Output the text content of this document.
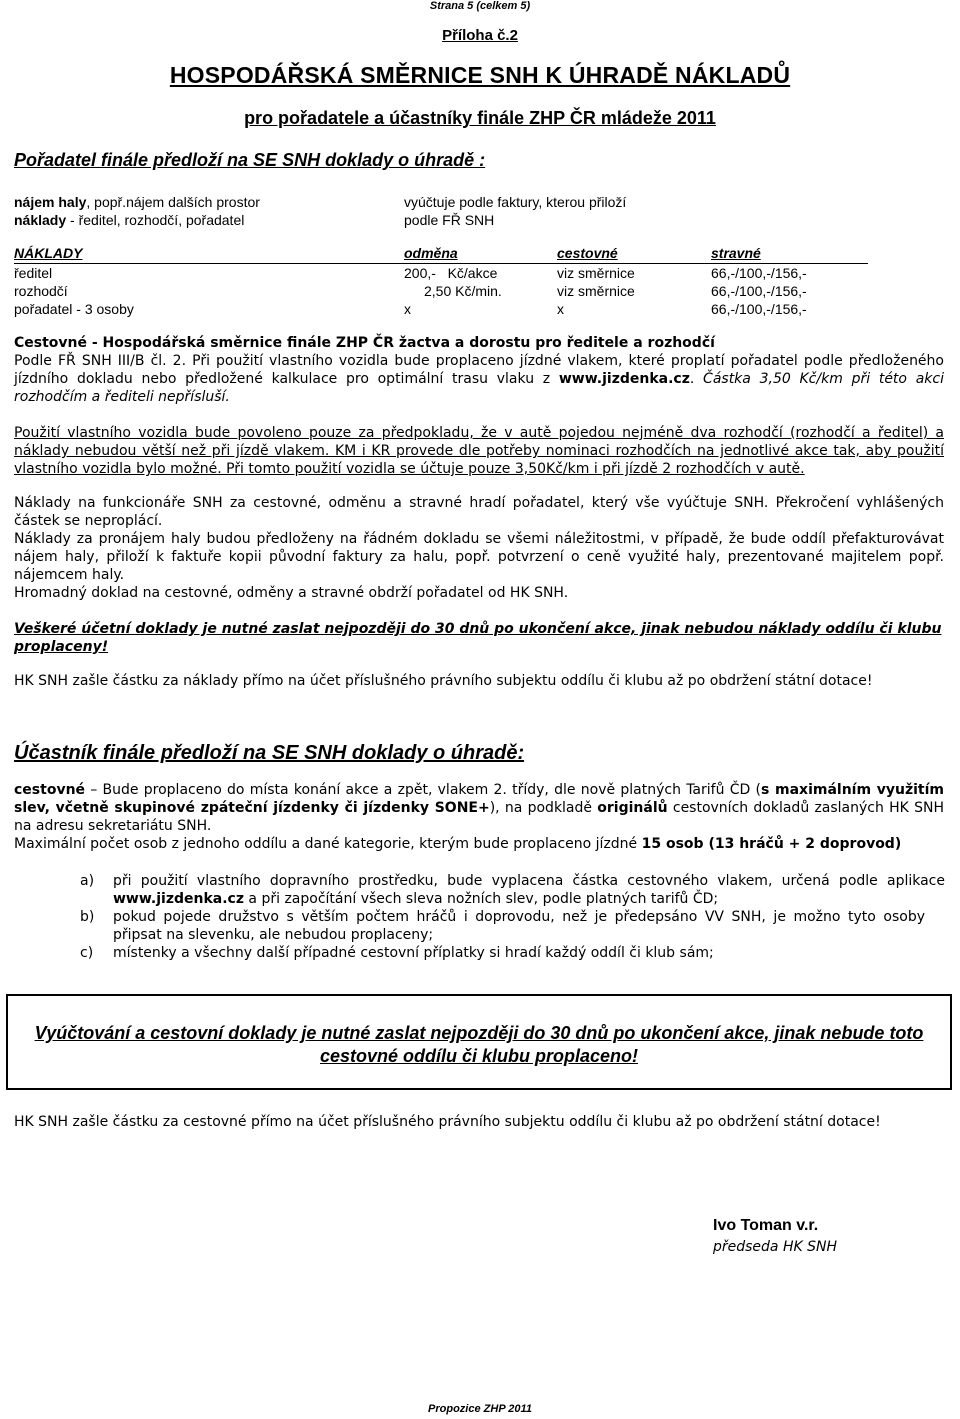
Strana 5 (celkem 5)
Příloha č.2
HOSPODÁŘSKÁ SMĚRNICE SNH K ÚHRADĚ NÁKLADŮ
pro pořadatele a účastníky finále ZHP ČR mládeže 2011
Pořadatel finále předloží na SE SNH doklady o úhradě :
nájem haly, popř.nájem dalších prostor	vyúčtuje podle faktury, kterou přiloží
náklady - ředitel, rozhodčí, pořadatel	podle FŘ SNH
NÁKLADY	odměna	cestovné	stravné
ředitel	200,-   Kč/akce	viz směrnice	66,-/100,-/156,-
rozhodčí	2,50 Kč/min.	viz směrnice	66,-/100,-/156,-
pořadatel - 3 osoby	x	x	66,-/100,-/156,-
Cestovné - Hospodářská směrnice finále ZHP ČR žactva a dorostu pro ředitele a rozhodčí
Podle FŘ SNH III/B čl. 2. Při použití vlastního vozidla bude proplaceno jízdné vlakem, které proplatí pořadatel podle předloženého jízdního dokladu nebo předložené kalkulace pro optimální trasu vlaku z www.jizdenka.cz. Částka 3,50 Kč/km při této akci rozhodčím a řediteli nepřísluší.
Použití vlastního vozidla bude povoleno pouze za předpokladu, že v autě pojedou nejméně dva rozhodčí (rozhodčí a ředitel) a náklady nebudou větší než při jízdě vlakem. KM i KR provede dle potřeby nominaci rozhodčích na jednotlivé akce tak, aby použití vlastního vozidla bylo možné. Při tomto použití vozidla se účtuje pouze 3,50Kč/km i při jízdě 2 rozhodčích v autě.
Náklady na funkcionáře SNH za cestovné, odměnu a stravné hradí pořadatel, který vše vyúčtuje SNH. Překročení vyhlášených částek se neproplácí.
Náklady za pronájem haly budou předloženy na řádném dokladu se všemi náležitostmi, v případě, že bude oddíl přefakturovávat nájem haly, přiloží k faktuře kopii původní faktury za halu, popř. potvrzení o ceně využité haly, prezentované majitelem popř. nájemcem haly.
Hromadný doklad na cestovné, odměny a stravné obdrží pořadatel od HK SNH.
Veškeré účetní doklady je nutné zaslat nejpozději do 30 dnů po ukončení akce, jinak nebudou náklady oddílu či klubu proplaceny!
HK SNH zašle částku za náklady přímo na účet příslušného právního subjektu oddílu či klubu až po obdržení státní dotace!
Účastník finále předloží na SE SNH doklady o úhradě:
cestovné – Bude proplaceno do místa konání akce a zpět, vlakem 2. třídy, dle nově platných Tarifů ČD (s maximálním využitím slev, včetně skupinové zpáteční jízdenky či jízdenky SONE+), na podkladě originálů cestovních dokladů zaslaných HK SNH na adresu sekretariátu SNH.
Maximální počet osob z jednoho oddílu a dané kategorie, kterým bude proplaceno jízdné 15 osob (13 hráčů + 2 doprovod)
a)	při použití vlastního dopravního prostředku, bude vyplacena částka cestovného vlakem, určená podle aplikace www.jizdenka.cz a při započítání všech sleva nožních slev, podle platných tarifů ČD;
b)	pokud pojede družstvo s větším počtem hráčů i doprovodu, než je předepsáno VV SNH, je možno tyto osoby připsat na slevenku, ale nebudou proplaceny;
c)	místenky a všechny další případné cestovní příplatky si hradí každý oddíl či klub sám;
Vyúčtování a cestovní doklady je nutné zaslat nejpozději do 30 dnů po ukončení akce, jinak nebude toto cestovné oddílu či klubu proplaceno!
HK SNH zašle částku za cestovné přímo na účet příslušného právního subjektu oddílu či klubu až po obdržení státní dotace!
Ivo Toman v.r.
předseda HK SNH
Propozice ZHP 2011
